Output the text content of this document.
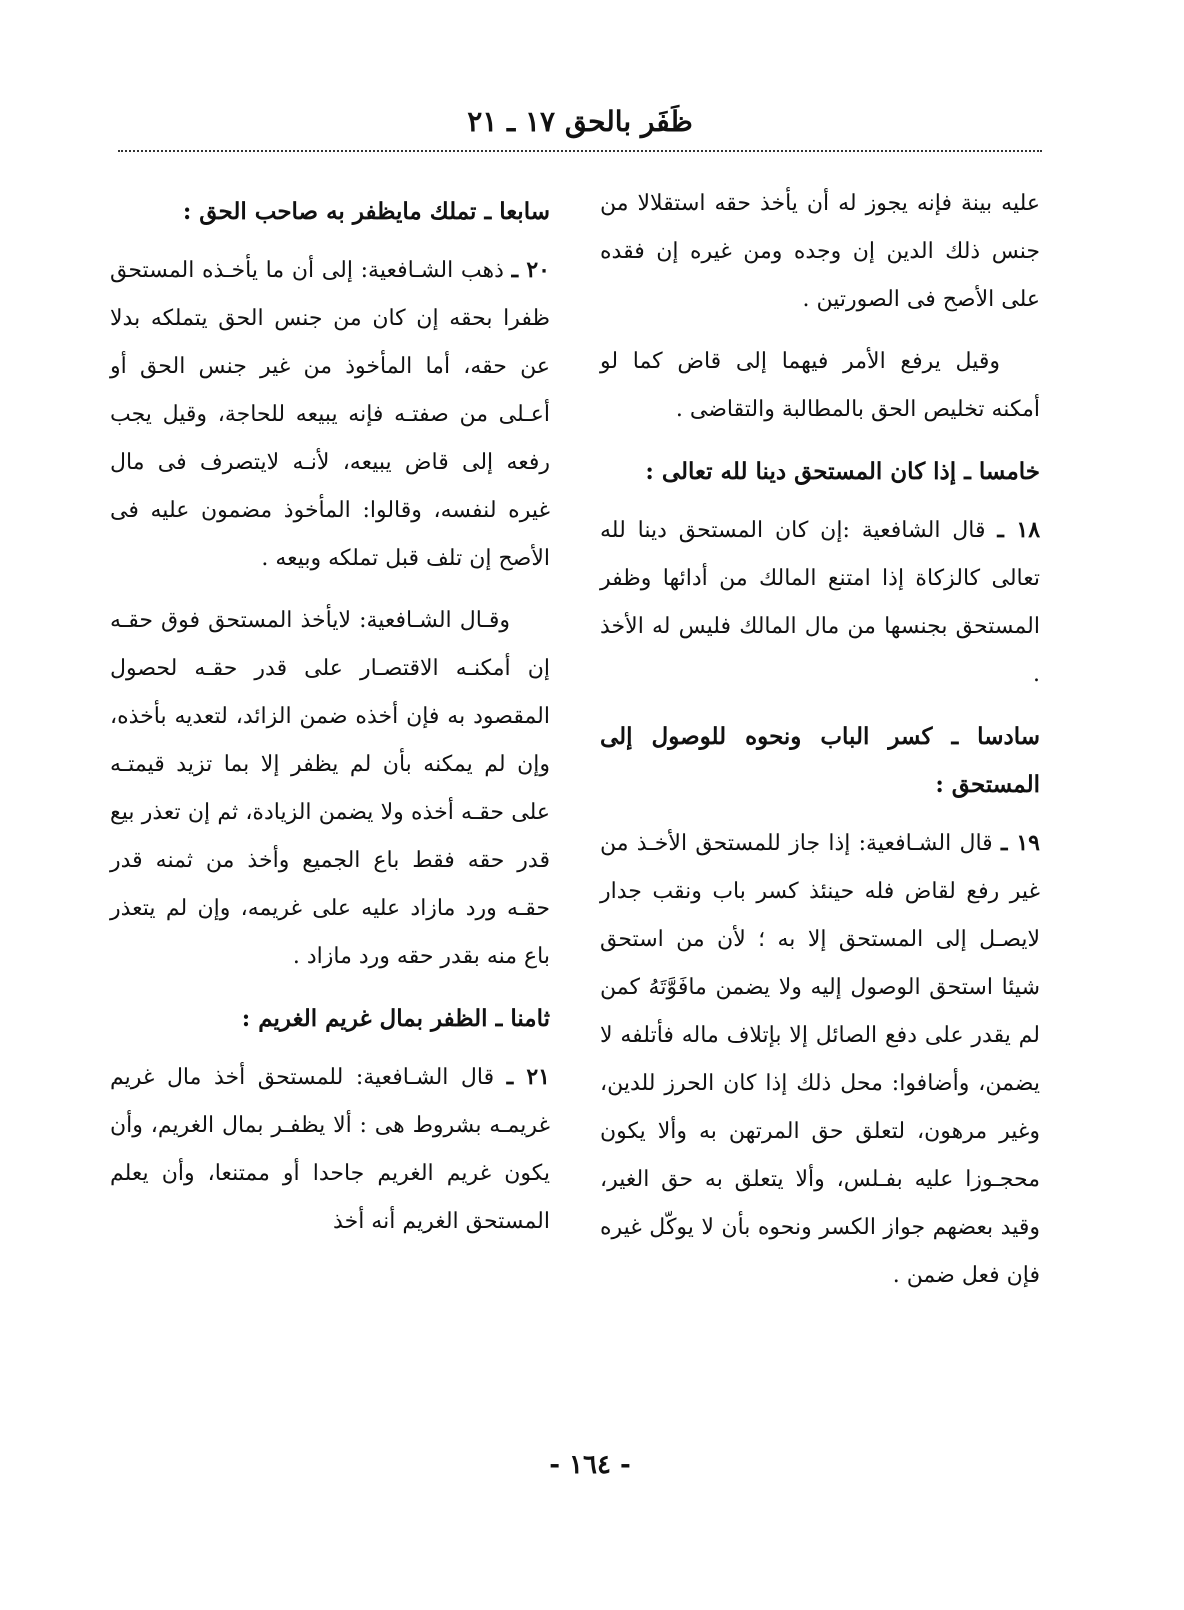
ظَفَر بالحق ١٧ ـ ٢١

عليه بينة فإنه يجوز له أن يأخذ حقه استقلالا من جنس ذلك الدين إن وجده ومن غيره إن فقده على الأصح فى الصورتين .

وقيل يرفع الأمر فيهما إلى قاض كما لو أمكنه تخليص الحق بالمطالبة والتقاضى .

خامسا ـ إذا كان المستحق دينا لله تعالى :

١٨ ـ قال الشافعية :إن كان المستحق دينا لله تعالى كالزكاة إذا امتنع المالك من أدائها وظفر المستحق بجنسها من مال المالك فليس له الأخذ .

سادسا ـ كسر الباب ونحوه للوصول إلى المستحق :

١٩ ـ قال الشـافعية: إذا جاز للمستحق الأخـذ من غير رفع لقاض فله حينئذ كسر باب ونقب جدار لايصـل إلى المستحق إلا به ؛ لأن من استحق شيئا استحق الوصول إليه ولا يضمن مافَوَّتَهُ كمن لم يقدر على دفع الصائل إلا بإتلاف ماله فأتلفه لا يضمن، وأضافوا: محل ذلك إذا كان الحرز للدين، وغير مرهون، لتعلق حق المرتهن به وألا يكون محجـوزا عليه بفـلس، وألا يتعلق به حق الغير، وقيد بعضهم جواز الكسر ونحوه بأن لا يوكّل غيره فإن فعل ضمن .

سابعا ـ تملك مايظفر به صاحب الحق :

٢٠ ـ ذهب الشـافعية: إلى أن ما يأخـذه المستحق ظفرا بحقه إن كان من جنس الحق يتملكه بدلا عن حقه، أما المأخوذ من غير جنس الحق أو أعـلى من صفتـه فإنه يبيعه للحاجة، وقيل يجب رفعه إلى قاض يبيعه، لأنـه لايتصرف فى مال غيره لنفسه، وقالوا: المأخوذ مضمون عليه فى الأصح إن تلف قبل تملكه وبيعه .

وقـال الشـافعية: لايأخذ المستحق فوق حقـه إن أمكنـه الاقتصـار على قدر حقـه لحصول المقصود به فإن أخذه ضمن الزائد، لتعديه بأخذه، وإن لم يمكنه بأن لم يظفر إلا بما تزيد قيمتـه على حقـه أخذه ولا يضمن الزيادة، ثم إن تعذر بيع قدر حقه فقط باع الجميع وأخذ من ثمنه قدر حقـه ورد مازاد عليه على غريمه، وإن لم يتعذر باع منه بقدر حقه ورد مازاد .

ثامنا ـ الظفر بمال غريم الغريم :

٢١ ـ قال الشـافعية: للمستحق أخذ مال غريم غريمـه بشروط هى : ألا يظفـر بمال الغريم، وأن يكون غريم الغريم جاحدا أو ممتنعا، وأن يعلم المستحق الغريم أنه أخذ

- ١٦٤ -
